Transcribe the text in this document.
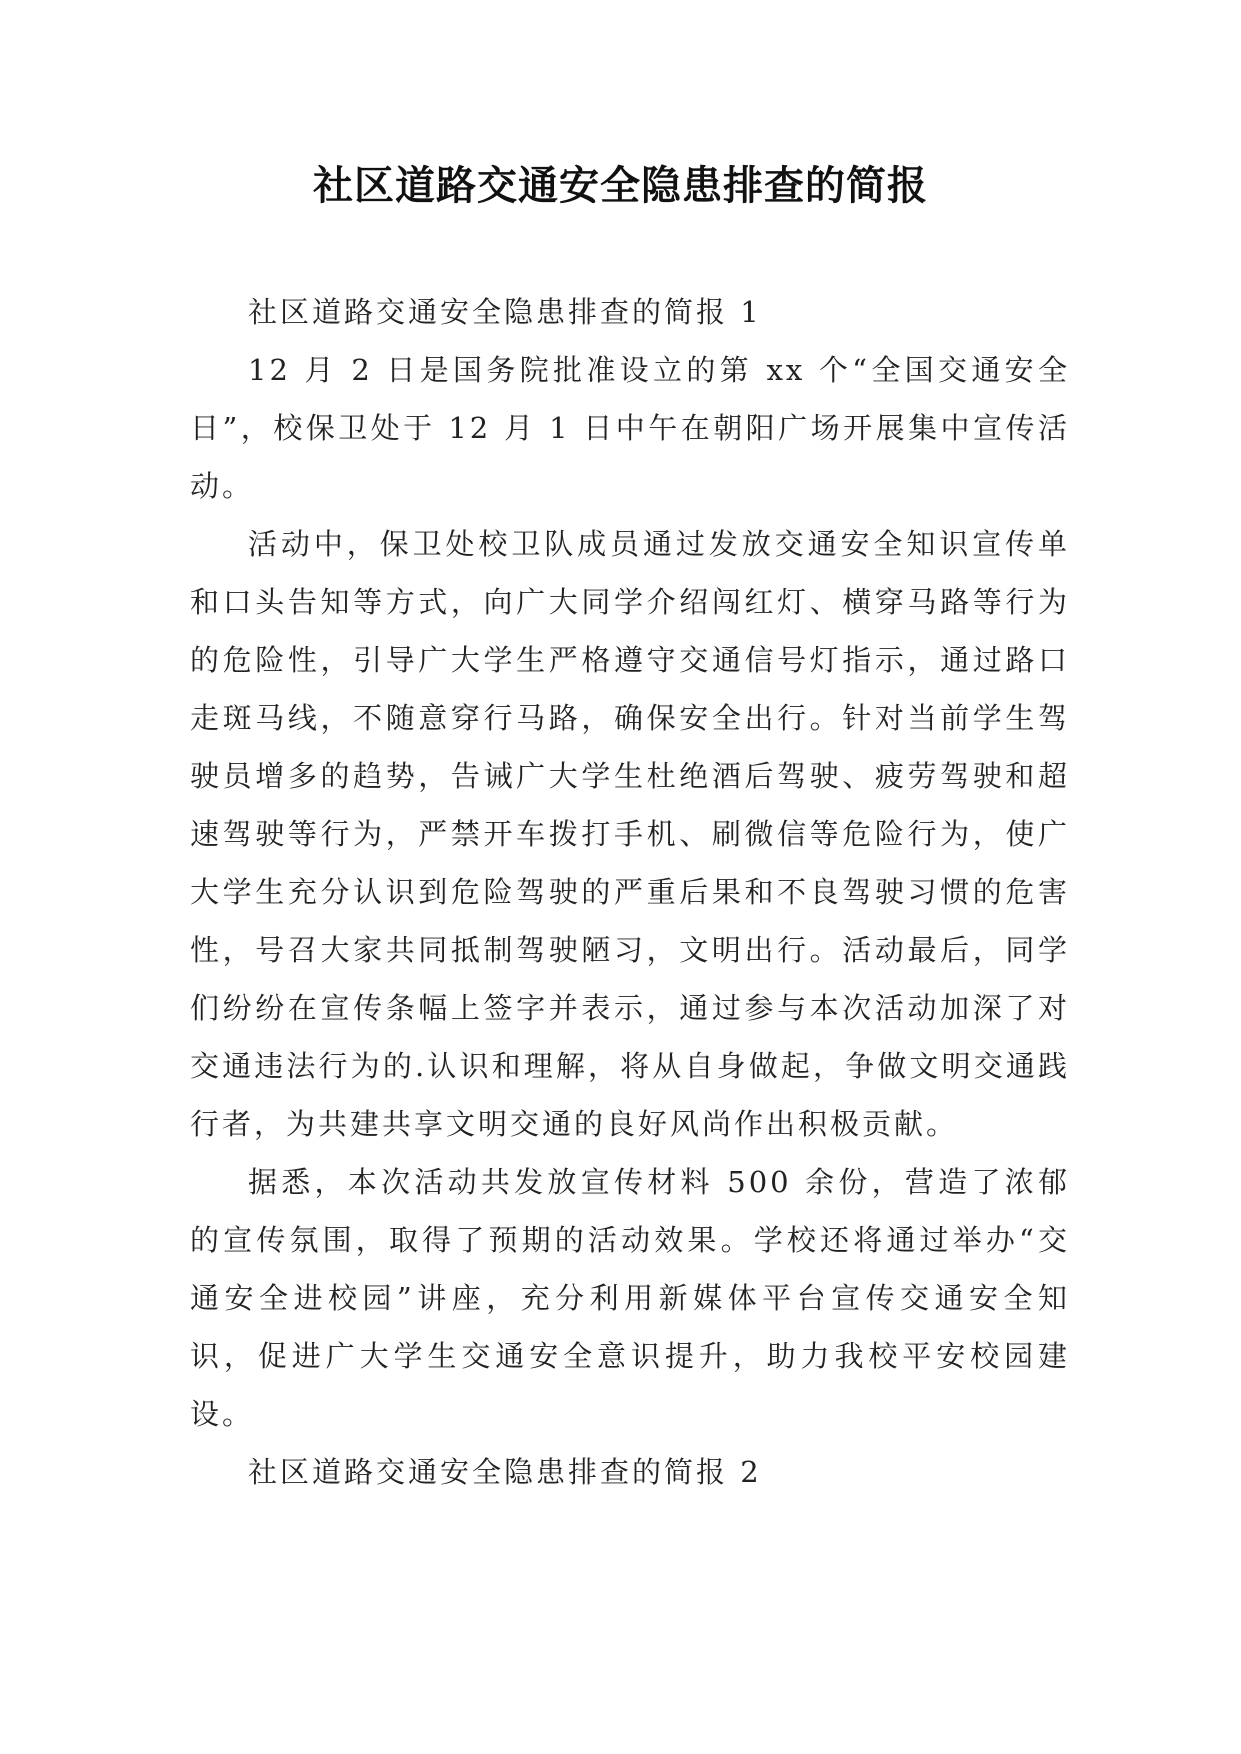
社区道路交通安全隐患排查的简报

社区道路交通安全隐患排查的简报 1

12 月 2 日是国务院批准设立的第 xx 个“全国交通安全日”，校保卫处于 12 月 1 日中午在朝阳广场开展集中宣传活动。

活动中，保卫处校卫队成员通过发放交通安全知识宣传单和口头告知等方式，向广大同学介绍闯红灯、横穿马路等行为的危险性，引导广大学生严格遵守交通信号灯指示，通过路口走斑马线，不随意穿行马路，确保安全出行。针对当前学生驾驶员增多的趋势，告诫广大学生杜绝酒后驾驶、疲劳驾驶和超速驾驶等行为，严禁开车拨打手机、刷微信等危险行为，使广大学生充分认识到危险驾驶的严重后果和不良驾驶习惯的危害性，号召大家共同抵制驾驶陋习，文明出行。活动最后，同学们纷纷在宣传条幅上签字并表示，通过参与本次活动加深了对交通违法行为的.认识和理解，将从自身做起，争做文明交通践行者，为共建共享文明交通的良好风尚作出积极贡献。

据悉，本次活动共发放宣传材料 500 余份，营造了浓郁的宣传氛围，取得了预期的活动效果。学校还将通过举办“交通安全进校园”讲座，充分利用新媒体平台宣传交通安全知识，促进广大学生交通安全意识提升，助力我校平安校园建设。

社区道路交通安全隐患排查的简报 2
